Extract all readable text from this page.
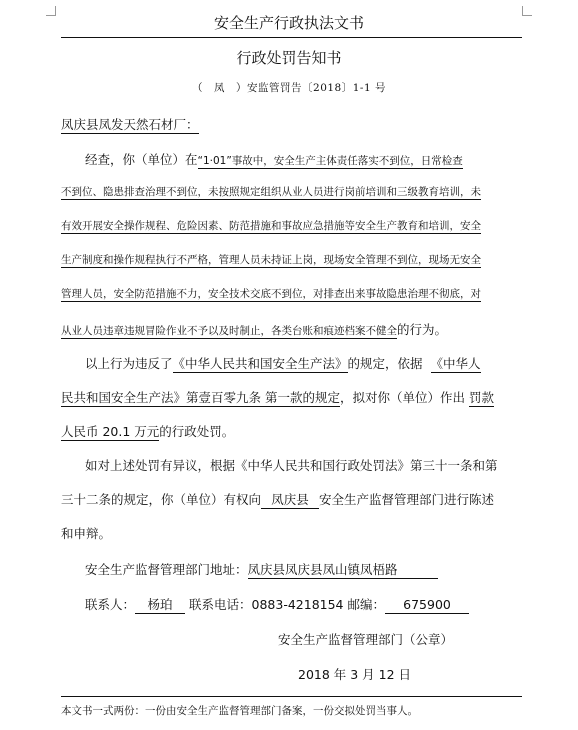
安全生产行政执法文书
行政处罚告知书
（　凤　）安监管罚告〔2018〕1-1 号
凤庆县凤发天然石材厂：
经查，你（单位）在“1·01”事故中，安全生产主体责任落实不到位，日常检查
不到位、隐患排查治理不到位，未按照规定组织从业人员进行岗前培训和三级教育培训，未
有效开展安全操作规程、危险因素、防范措施和事故应急措施等安全生产教育和培训，安全
生产制度和操作规程执行不严格，管理人员未持证上岗，现场安全管理不到位，现场无安全
管理人员，安全防范措施不力，安全技术交底不到位，对排查出来事故隐患治理不彻底，对
从业人员违章违规冒险作业不予以及时制止，各类台账和痕迹档案不健全的行为。
以上行为违反了《中华人民共和国安全生产法》的规定，依据 《中华人
民共和国安全生产法》第壹百零九条 第一款的规定，拟对你（单位）作出 罚款
人民币 20.1 万元的行政处罚。
如对上述处罚有异议，根据《中华人民共和国行政处罚法》第三十一条和第
三十二条的规定，你（单位）有权向 凤庆县 安全生产监督管理部门进行陈述
和申辩。
安全生产监督管理部门地址：凤庆县凤庆县凤山镇凤梧路
联系人： 杨珀 联系电话：0883-4218154 邮编： 675900
安全生产监督管理部门（公章）
2018 年 3 月 12 日
本文书一式两份：一份由安全生产监督管理部门备案，一份交拟处罚当事人。
